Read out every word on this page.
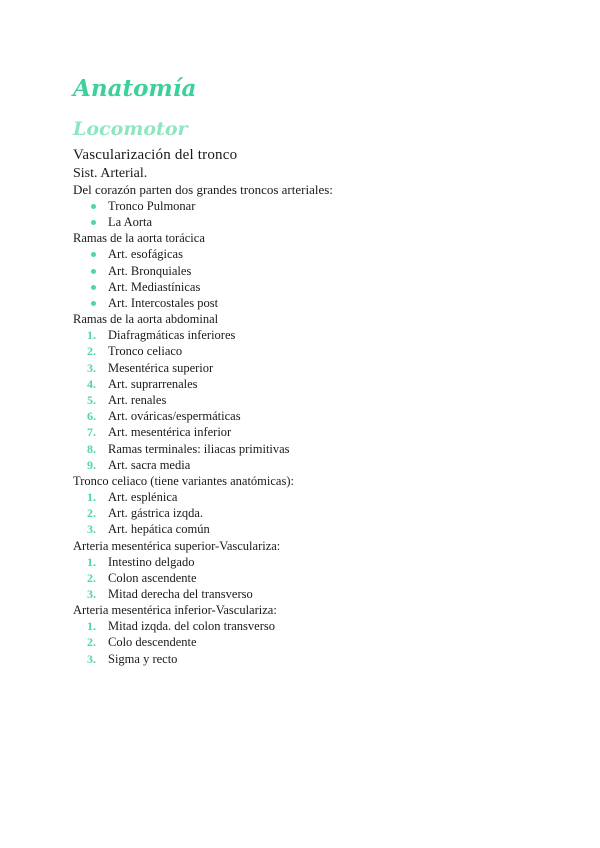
Anatomía
Locomotor

Vascularización del tronco

Sist. Arterial.

Del corazón parten dos grandes troncos arteriales:

Tronco Pulmonar
La Aorta

Ramas de la aorta torácica

Art. esofágicas
Art. Bronquiales
Art. Mediastínicas
Art. Intercostales post

Ramas de la aorta abdominal

1. Diafragmáticas inferiores
2. Tronco celiaco
3. Mesentérica superior
4. Art. suprarrenales
5. Art. renales
6. Art. ováricas/espermáticas
7. Art. mesentérica inferior
8. Ramas terminales: iliacas primitivas
9. Art. sacra media

Tronco celiaco (tiene variantes anatómicas):

1. Art. esplénica
2. Art. gástrica izqda.
3. Art. hepática común

Arteria mesentérica superior-Vasculariza:

1. Intestino delgado
2. Colon ascendente
3. Mitad derecha del transverso

Arteria mesentérica inferior-Vasculariza:

1. Mitad izqda. del colon transverso
2. Colo descendente
3. Sigma y recto
